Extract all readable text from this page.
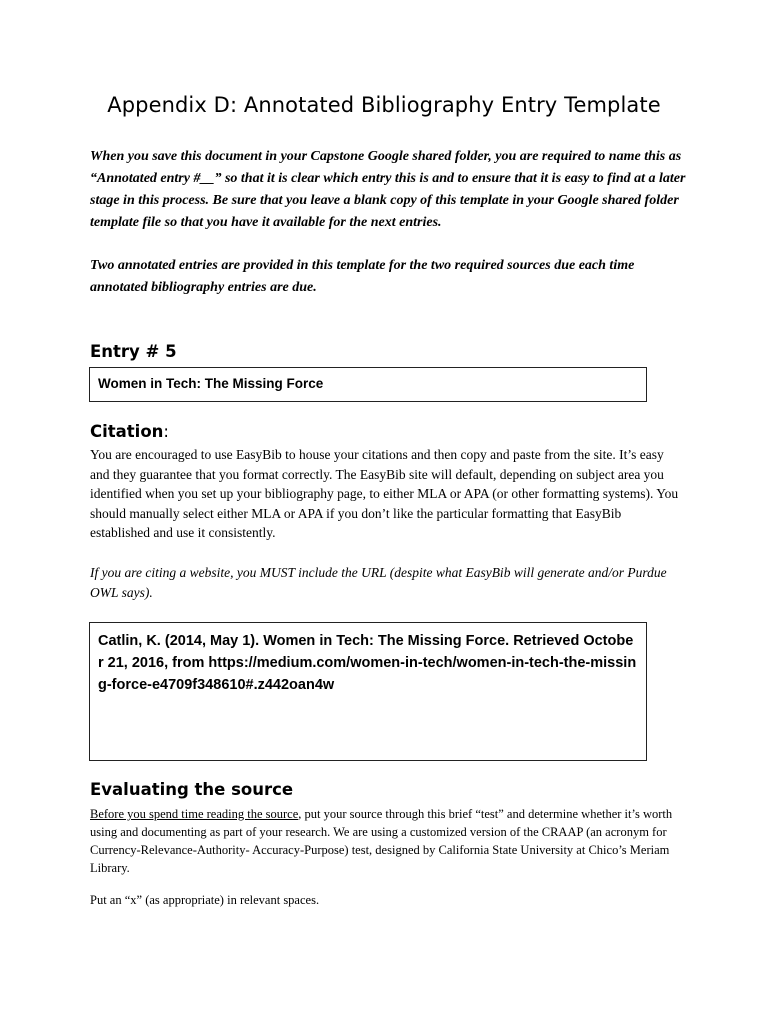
Appendix D: Annotated Bibliography Entry Template

When you save this document in your Capstone Google shared folder, you are required to name this as “Annotated entry #__” so that it is clear which entry this is and to ensure that it is easy to find at a later stage in this process. Be sure that you leave a blank copy of this template in your Google shared folder template file so that you have it available for the next entries.

Two annotated entries are provided in this template for the two required sources due each time annotated bibliography entries are due.

Entry # 5
Women in Tech: The Missing Force
Citation:
You are encouraged to use EasyBib to house your citations and then copy and paste from the site. It’s easy and they guarantee that you format correctly. The EasyBib site will default, depending on subject area you identified when you set up your bibliography page, to either MLA or APA (or other formatting systems). You should manually select either MLA or APA if you don’t like the particular formatting that EasyBib established and use it consistently.
If you are citing a website, you MUST include the URL (despite what EasyBib will generate and/or Purdue OWL says).
Catlin, K. (2014, May 1). Women in Tech: The Missing Force. Retrieved October 21, 2016, from https://medium.com/women-in-tech/women-in-tech-the-missing-force-e4709f348610#.z442oan4w
Evaluating the source
Before you spend time reading the source, put your source through this brief “test” and determine whether it’s worth using and documenting as part of your research. We are using a customized version of the CRAAP (an acronym for Currency-Relevance-Authority- Accuracy-Purpose) test, designed by California State University at Chico’s Meriam Library.
Put an “x” (as appropriate) in relevant spaces.
